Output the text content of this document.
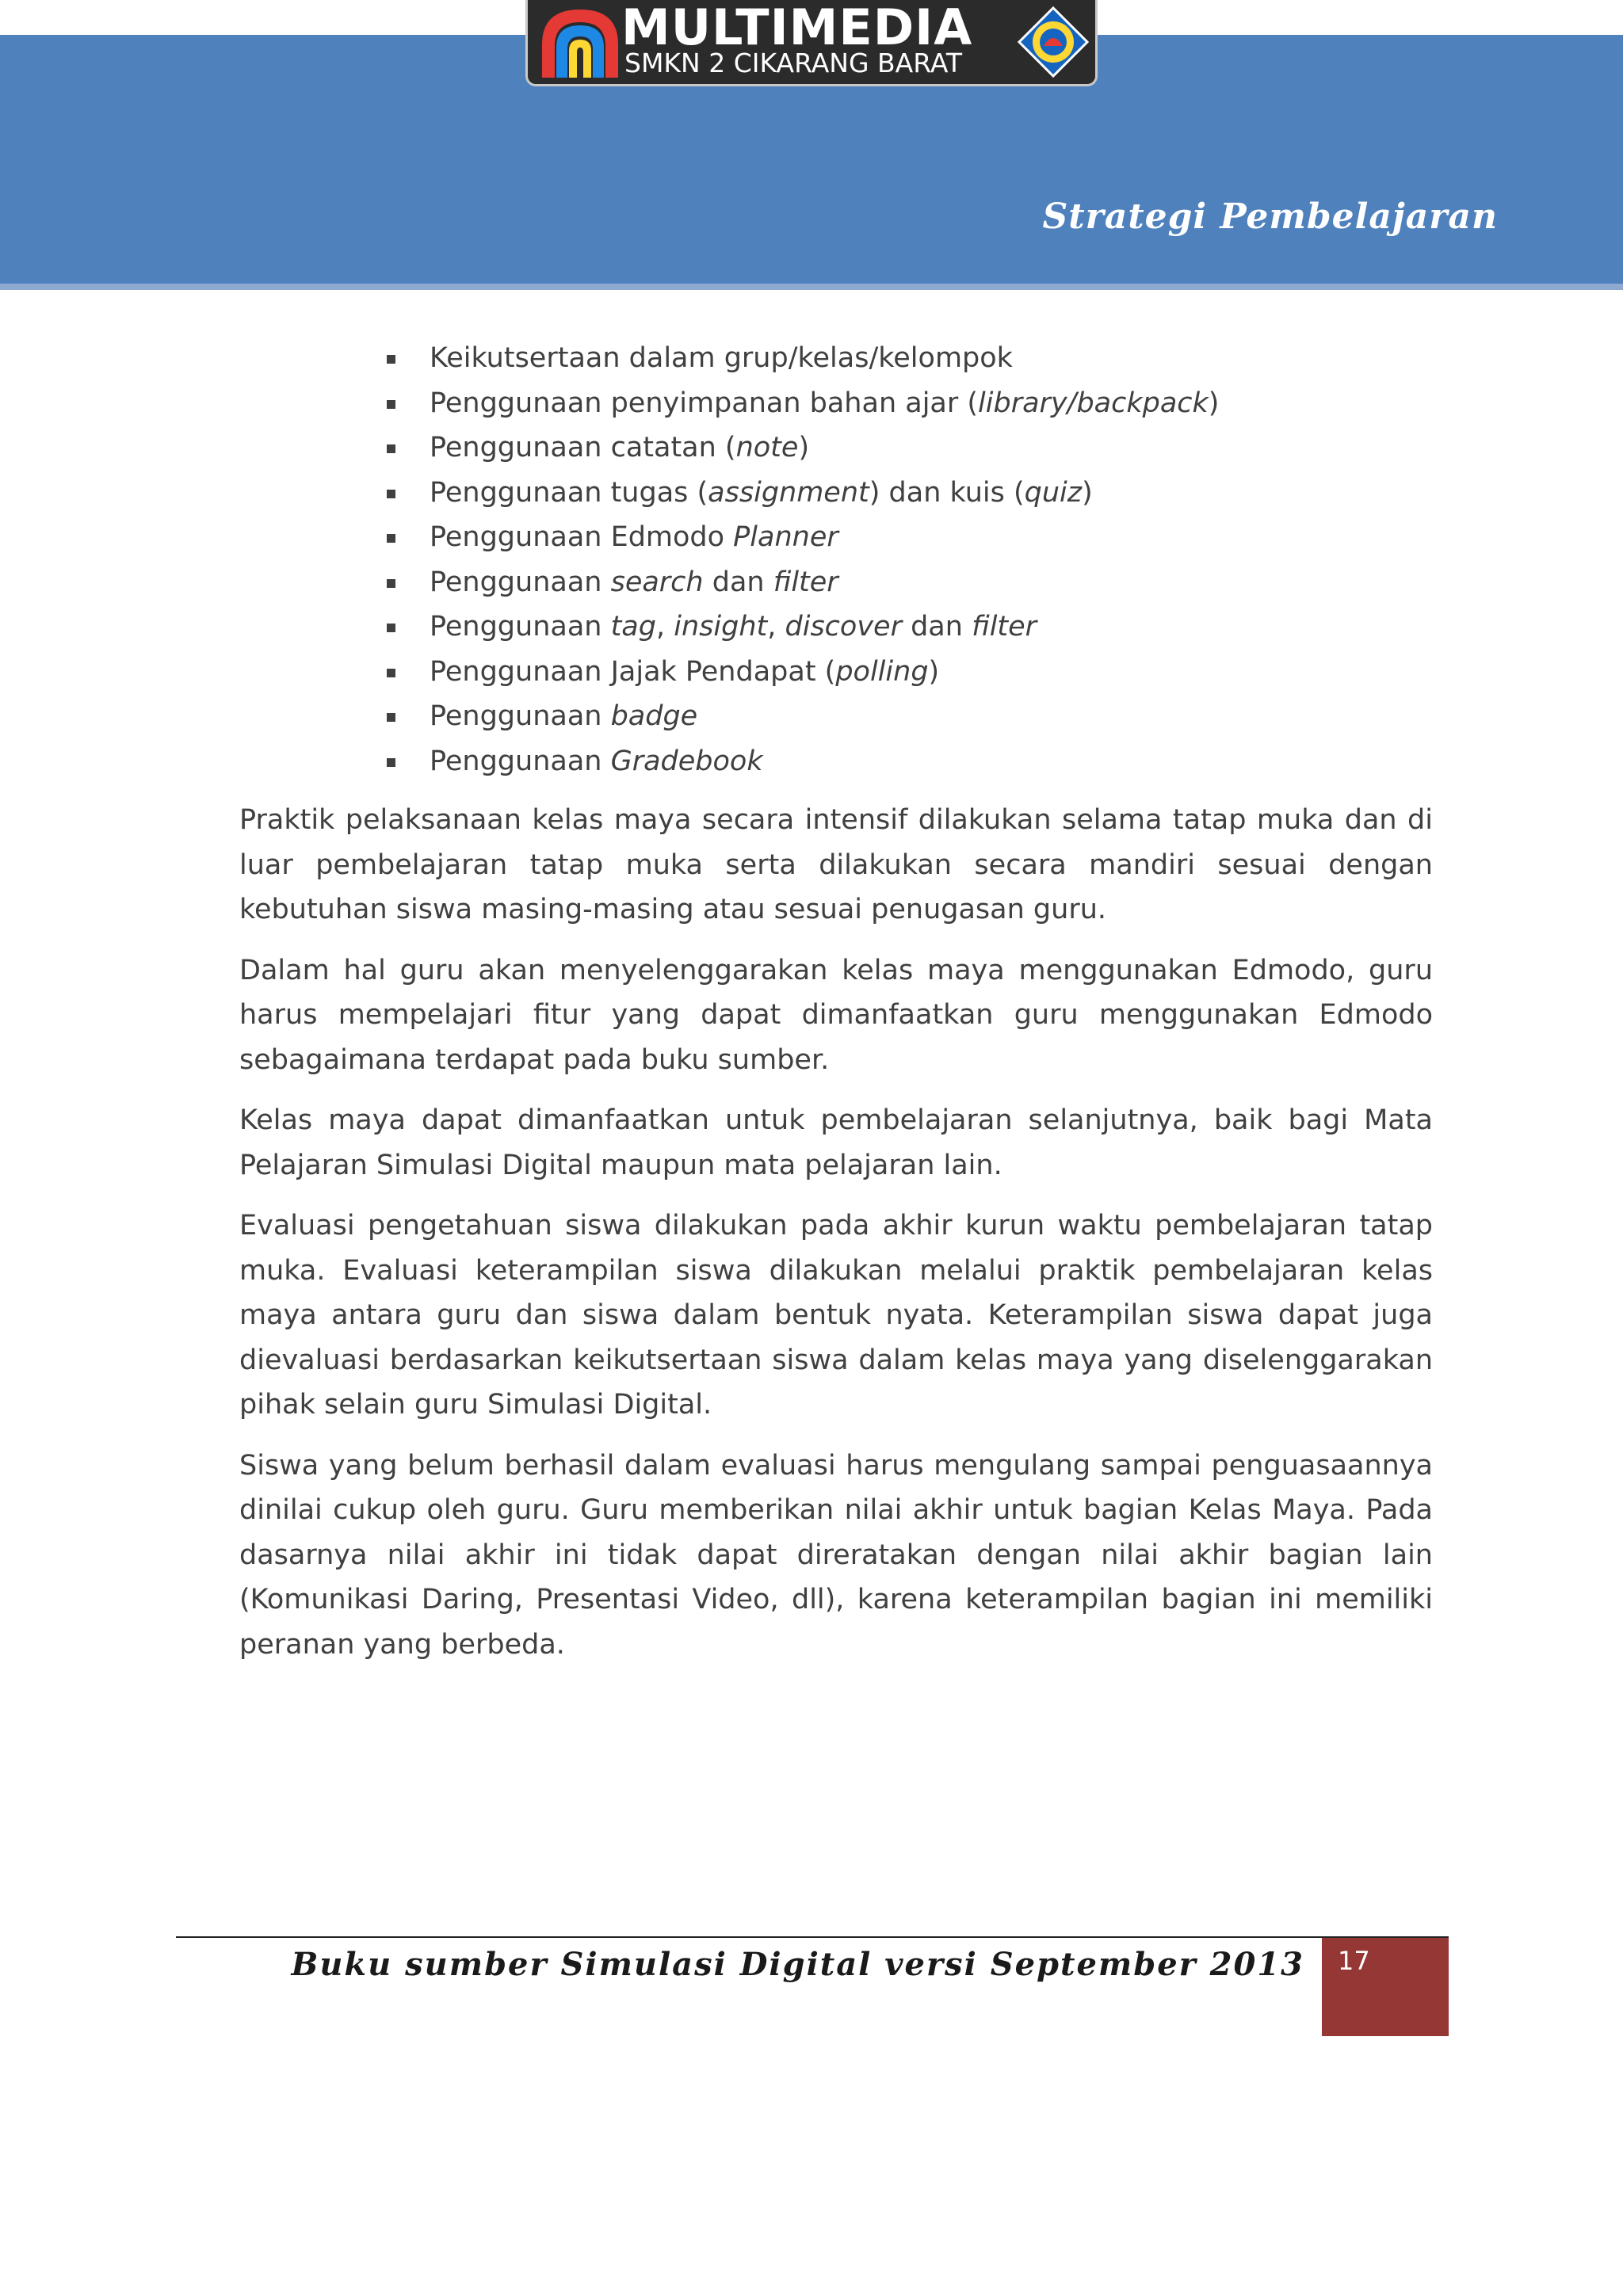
MULTIMEDIA
SMKN 2 CIKARANG BARAT
Strategi Pembelajaran
Keikutsertaan dalam grup/kelas/kelompok
Penggunaan penyimpanan bahan ajar (library/backpack)
Penggunaan catatan (note)
Penggunaan tugas (assignment) dan kuis (quiz)
Penggunaan Edmodo Planner
Penggunaan search dan filter
Penggunaan tag, insight, discover dan filter
Penggunaan Jajak Pendapat (polling)
Penggunaan badge
Penggunaan Gradebook

Praktik pelaksanaan kelas maya secara intensif dilakukan selama tatap muka dan di luar pembelajaran tatap muka serta dilakukan secara mandiri sesuai dengan kebutuhan siswa masing-masing atau sesuai penugasan guru.

Dalam hal guru akan menyelenggarakan kelas maya menggunakan Edmodo, guru harus mempelajari fitur yang dapat dimanfaatkan guru menggunakan Edmodo sebagaimana terdapat pada buku sumber.

Kelas maya dapat dimanfaatkan untuk pembelajaran selanjutnya, baik bagi Mata Pelajaran Simulasi Digital maupun mata pelajaran lain.

Evaluasi pengetahuan siswa dilakukan pada akhir kurun waktu pembelajaran tatap muka. Evaluasi keterampilan siswa dilakukan melalui praktik pembelajaran kelas maya antara guru dan siswa dalam bentuk nyata. Keterampilan siswa dapat juga dievaluasi berdasarkan keikutsertaan siswa dalam kelas maya yang diselenggarakan pihak selain guru Simulasi Digital.

Siswa yang belum berhasil dalam evaluasi harus mengulang sampai penguasaannya dinilai cukup oleh guru. Guru memberikan nilai akhir untuk bagian Kelas Maya. Pada dasarnya nilai akhir ini tidak dapat direratakan dengan nilai akhir bagian lain (Komunikasi Daring, Presentasi Video, dll), karena keterampilan bagian ini memiliki peranan yang berbeda.

Buku sumber Simulasi Digital versi September 2013 17
